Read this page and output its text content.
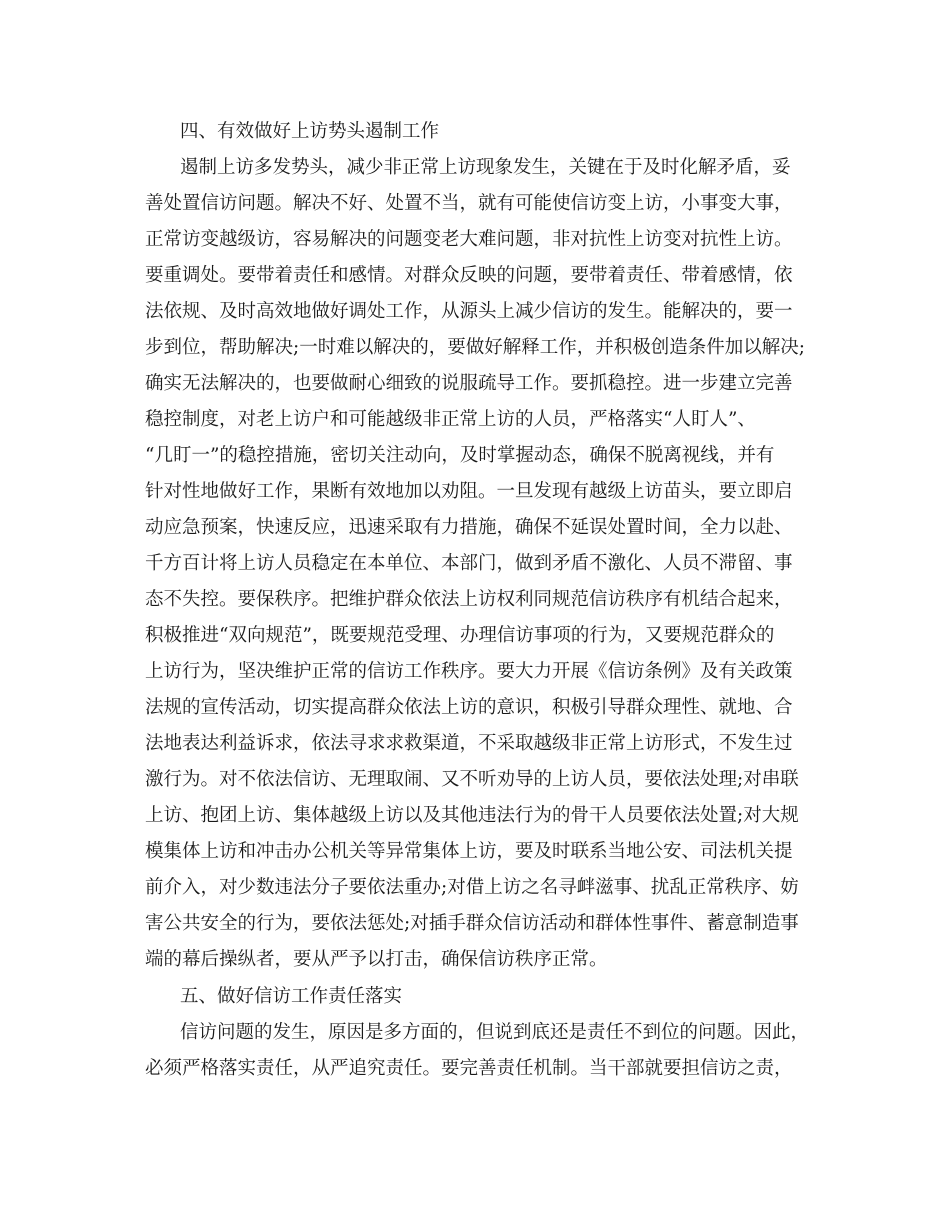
四、有效做好上访势头遏制工作
遏制上访多发势头，减少非正常上访现象发生，关键在于及时化解矛盾，妥
善处置信访问题。解决不好、处置不当，就有可能使信访变上访，小事变大事，
正常访变越级访，容易解决的问题变老大难问题，非对抗性上访变对抗性上访。
要重调处。要带着责任和感情。对群众反映的问题，要带着责任、带着感情，依
法依规、及时高效地做好调处工作，从源头上减少信访的发生。能解决的，要一
步到位，帮助解决;一时难以解决的，要做好解释工作，并积极创造条件加以解决;
确实无法解决的，也要做耐心细致的说服疏导工作。要抓稳控。进一步建立完善
稳控制度，对老上访户和可能越级非正常上访的人员，严格落实“人盯人”、
“几盯一”的稳控措施，密切关注动向，及时掌握动态，确保不脱离视线，并有
针对性地做好工作，果断有效地加以劝阻。一旦发现有越级上访苗头，要立即启
动应急预案，快速反应，迅速采取有力措施，确保不延误处置时间，全力以赴、
千方百计将上访人员稳定在本单位、本部门，做到矛盾不激化、人员不滞留、事
态不失控。要保秩序。把维护群众依法上访权利同规范信访秩序有机结合起来，
积极推进“双向规范”，既要规范受理、办理信访事项的行为，又要规范群众的
上访行为，坚决维护正常的信访工作秩序。要大力开展《信访条例》及有关政策
法规的宣传活动，切实提高群众依法上访的意识，积极引导群众理性、就地、合
法地表达利益诉求，依法寻求求救渠道，不采取越级非正常上访形式，不发生过
激行为。对不依法信访、无理取闹、又不听劝导的上访人员，要依法处理;对串联
上访、抱团上访、集体越级上访以及其他违法行为的骨干人员要依法处置;对大规
模集体上访和冲击办公机关等异常集体上访，要及时联系当地公安、司法机关提
前介入，对少数违法分子要依法重办;对借上访之名寻衅滋事、扰乱正常秩序、妨
害公共安全的行为，要依法惩处;对插手群众信访活动和群体性事件、蓄意制造事
端的幕后操纵者，要从严予以打击，确保信访秩序正常。
五、做好信访工作责任落实
信访问题的发生，原因是多方面的，但说到底还是责任不到位的问题。因此，
必须严格落实责任，从严追究责任。要完善责任机制。当干部就要担信访之责，
